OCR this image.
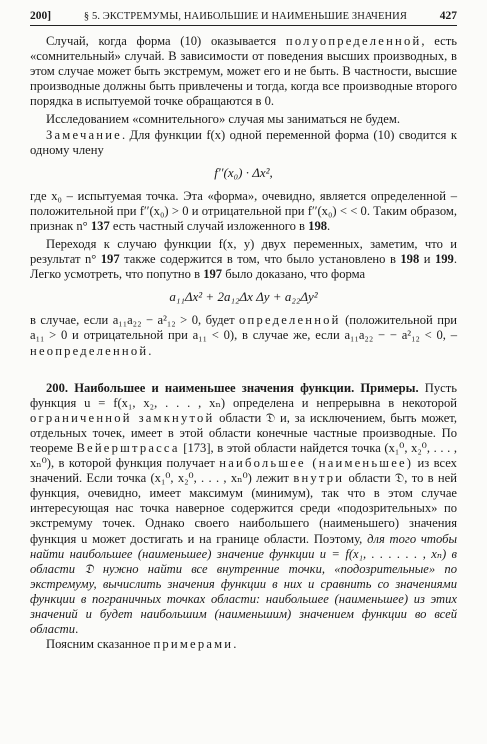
200]	§ 5. ЭКСТРЕМУМЫ, НАИБОЛЬШИЕ И НАИМЕНЬШИЕ ЗНАЧЕНИЯ	427

Случай, когда форма (10) оказывается полуопределенной, есть «сомнительный» случай. В зависимости от поведения высших производных, в этом случае может быть экстремум, может его и не быть. В частности, высшие производные должны быть привлечены и тогда, когда все производные второго порядка в испытуемой точке обращаются в 0.

Исследованием «сомнительного» случая мы заниматься не будем.

Замечание. Для функции f(x) одной переменной форма (10) сводится к одному члену

f′′(x₀) · Δx²,

где x₀ – испытуемая точка. Эта «форма», очевидно, является определенной – положительной при f′′(x₀) > 0 и отрицательной при f′′(x₀) < < 0. Таким образом, признак n° 137 есть частный случай изложенного в 198.

Переходя к случаю функции f(x, y) двух переменных, заметим, что и результат n° 197 также содержится в том, что было установлено в 198 и 199. Легко усмотреть, что попутно в 197 было доказано, что форма

a₁₁Δx² + 2a₁₂Δx Δy + a₂₂Δy²

в случае, если a₁₁a₂₂ − a²₁₂ > 0, будет определенной (положительной при a₁₁ > 0 и отрицательной при a₁₁ < 0), в случае же, если a₁₁a₂₂ − − a²₁₂ < 0, – неопределенной.

200. Наибольшее и наименьшее значения функции. Примеры. Пусть функция u = f(x₁, x₂, . . . , xₙ) определена и непрерывна в некоторой ограниченной замкнутой области 𝔇 и, за исключением, быть может, отдельных точек, имеет в этой области конечные частные производные. По теореме Вейерштрасса [173], в этой области найдется точка (x₁⁰, x₂⁰, . . . , xₙ⁰), в которой функция получает наибольшее (наименьшее) из всех значений. Если точка (x₁⁰, x₂⁰, . . . , xₙ⁰) лежит внутри области 𝔇, то в ней функция, очевидно, имеет максимум (минимум), так что в этом случае интересующая нас точка наверное содержится среди «подозрительных» по экстремуму точек. Однако своего наибольшего (наименьшего) значения функция u может достигать и на границе области. Поэтому, для того чтобы найти наибольшее (наименьшее) значение функции u = f(x₁, . . . . . . , xₙ) в области 𝔇 нужно найти все внутренние точки, «подозрительные» по экстремуму, вычислить значения функции в них и сравнить со значениями функции в пограничных точках области: наибольшее (наименьшее) из этих значений и будет наибольшим (наименьшим) значением функции во всей области.

Поясним сказанное примерами.
